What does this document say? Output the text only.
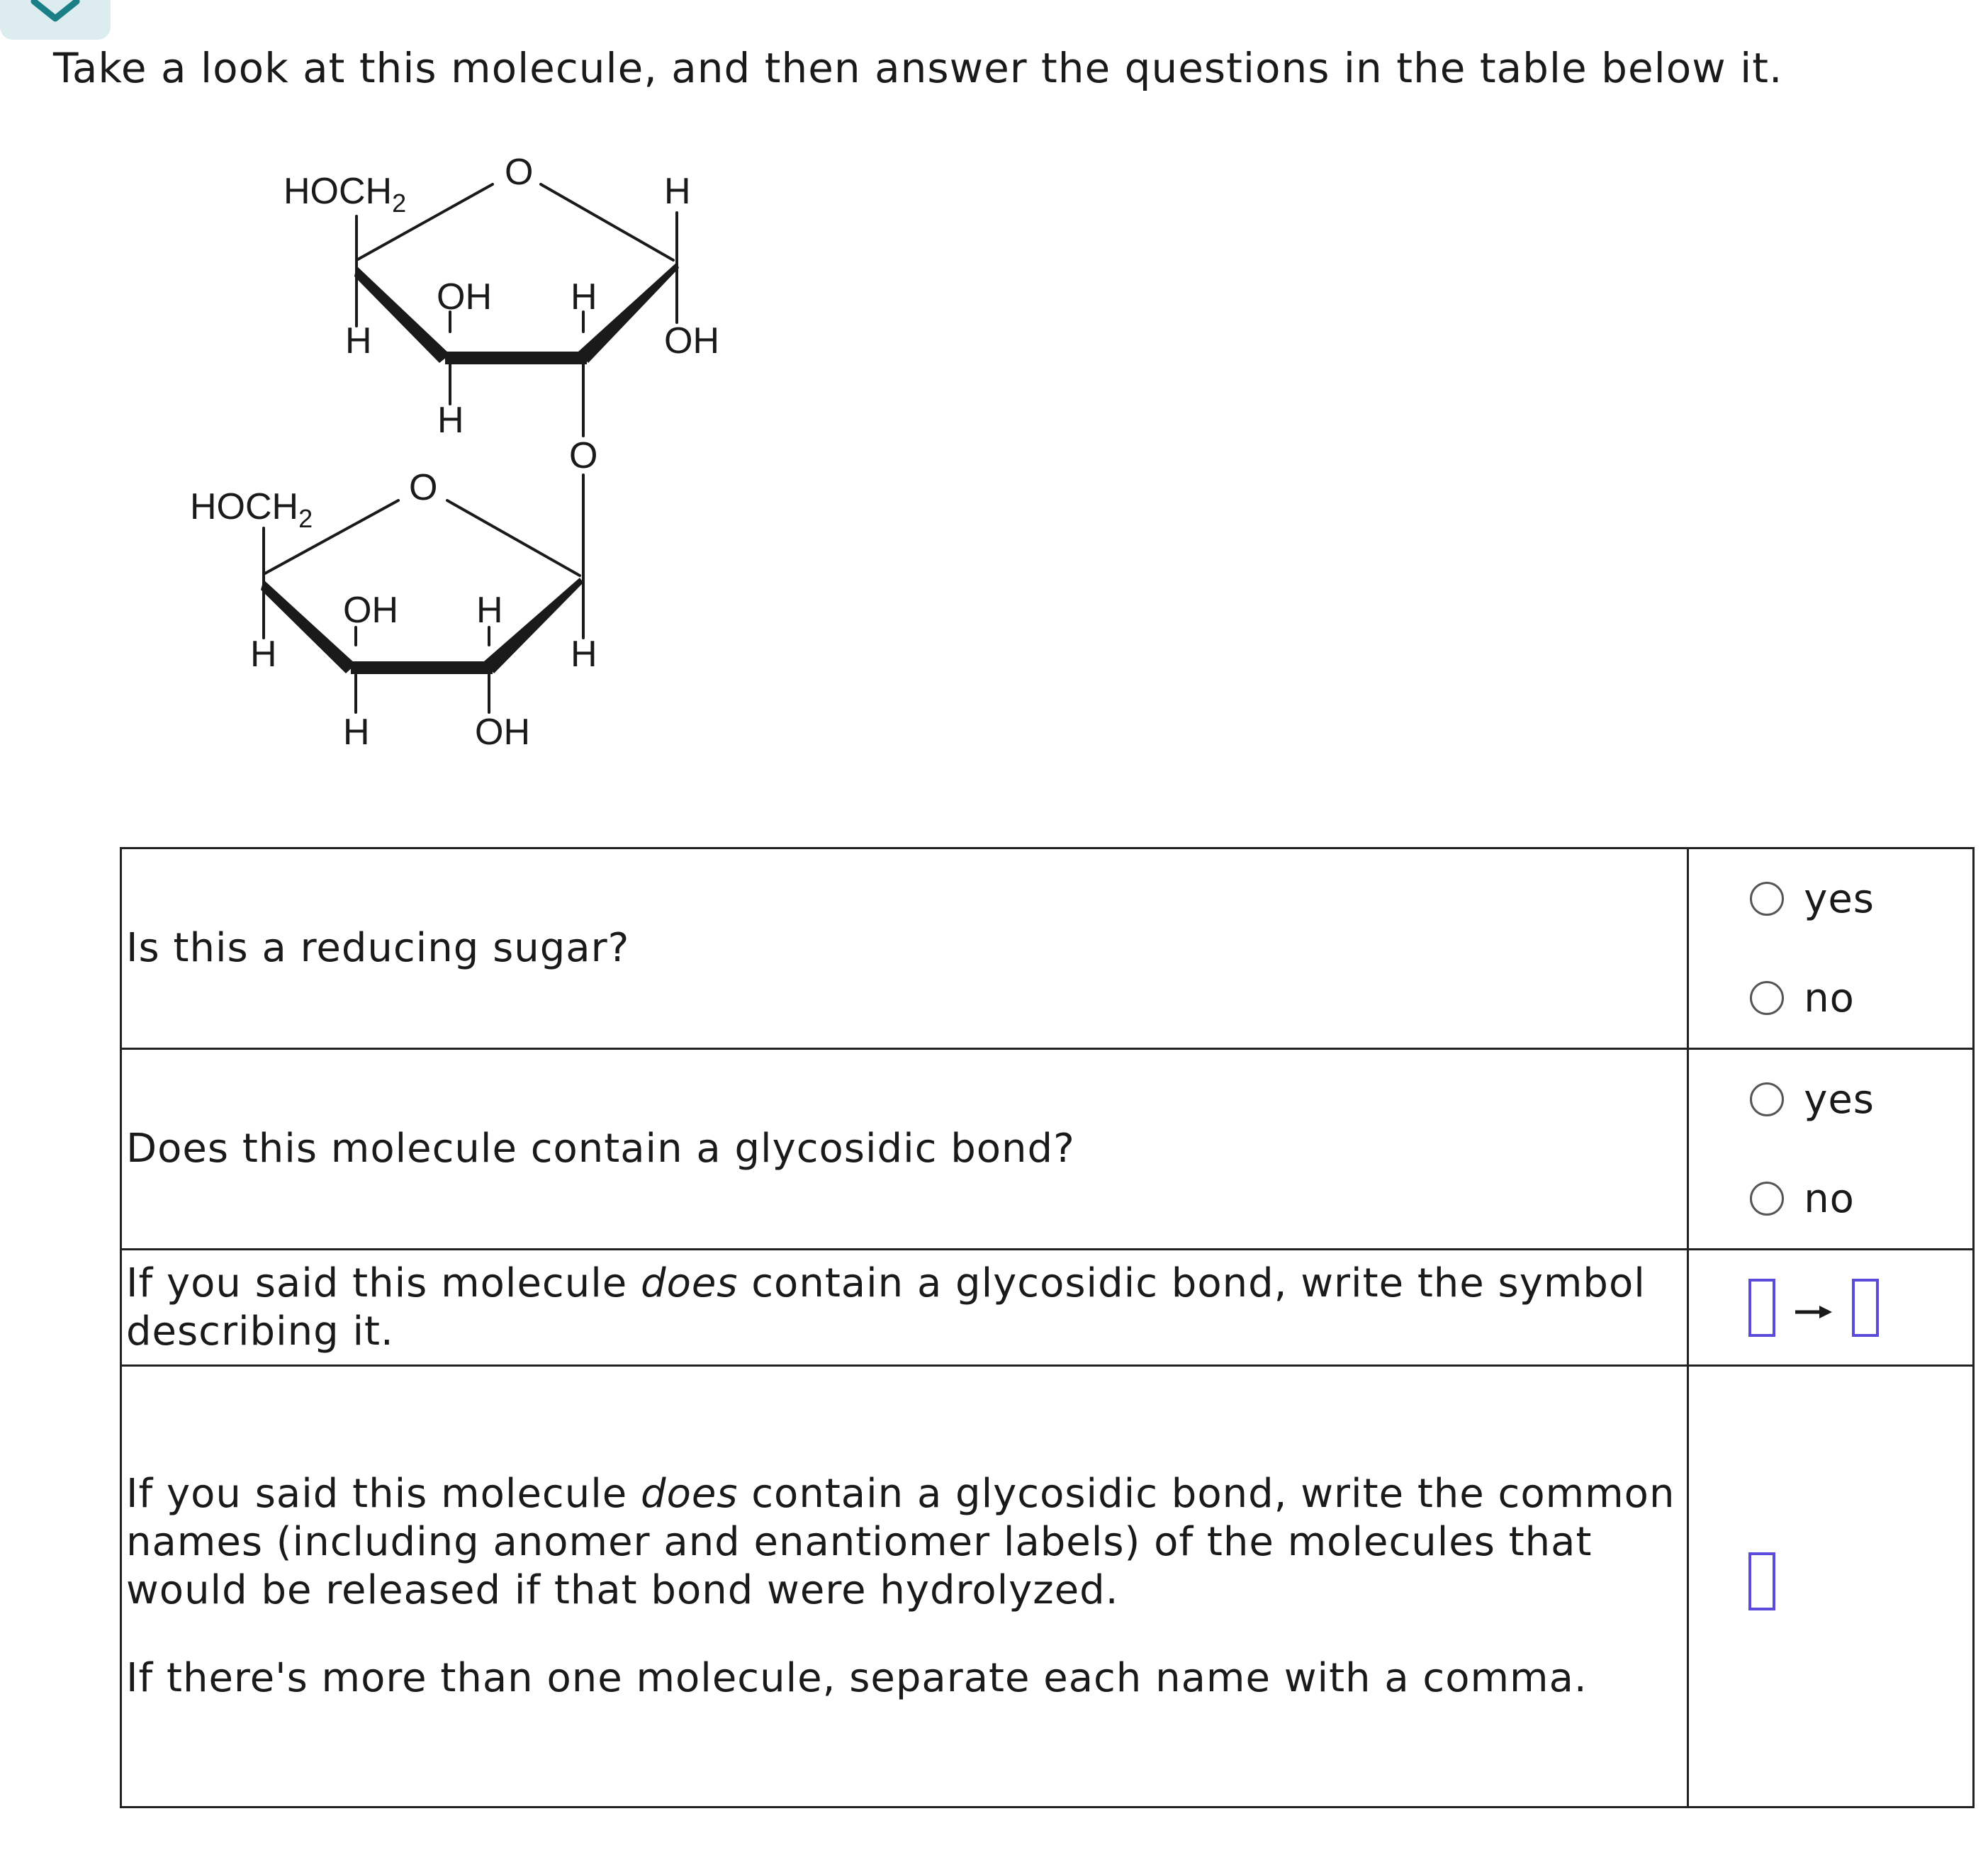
Take a look at this molecule, and then answer the questions in the table below it.
$HOCH_2$
O	H
OH
H
OH
H
H
O
$HOCH_2$
O
H
OH
H
H
OH
H
Is this a reducing sugar?	yes
no

Does this molecule contain a glycosidic bond?	yes
no

If you said this molecule does contain a glycosidic bond, write the symbol describing it.	

If you said this molecule does contain a glycosidic bond, write the common names (including anomer and enantiomer labels) of the molecules that would be released if that bond were hydrolyzed.

If there's more than one molecule, separate each name with a comma.	
